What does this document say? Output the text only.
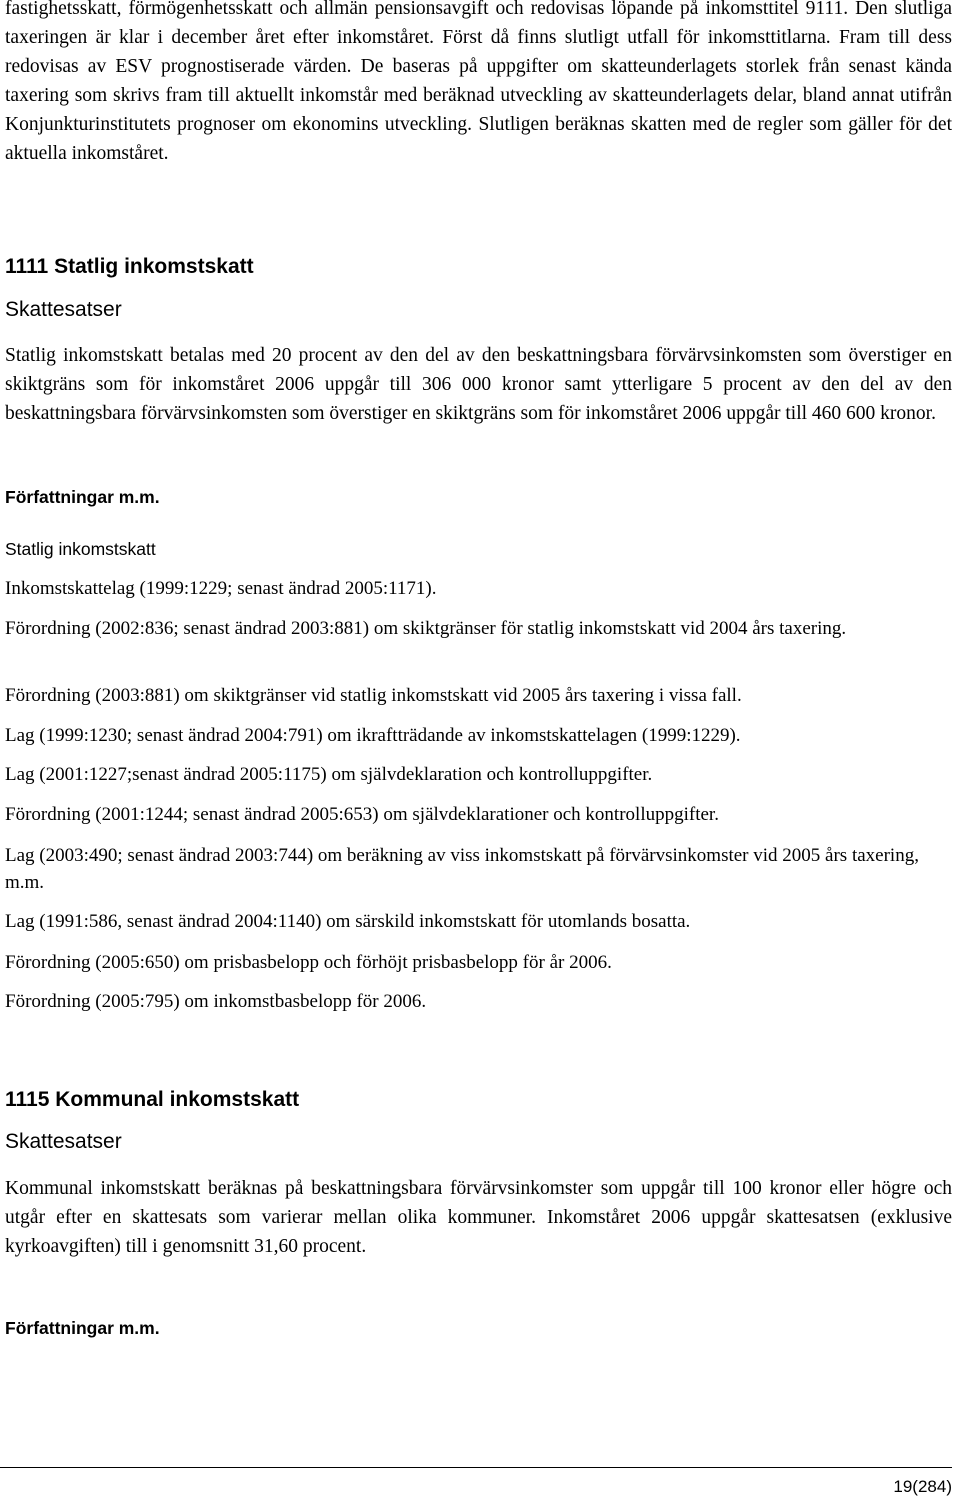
fastighetsskatt, förmögenhetsskatt och allmän pensionsavgift och redovisas löpande på inkomsttitel 9111. Den slutliga taxeringen är klar i december året efter inkomståret. Först då finns slutligt utfall för inkomsttitlarna. Fram till dess redovisas av ESV prognostiserade värden. De baseras på uppgifter om skatteunderlagets storlek från senast kända taxering som skrivs fram till aktuellt inkomstår med beräknad utveckling av skatteunderlagets delar, bland annat utifrån Konjunkturinstitutets prognoser om ekonomins utveckling. Slutligen beräknas skatten med de regler som gäller för det aktuella inkomståret.

1111 Statlig inkomstskatt
Skattesatser

Statlig inkomstskatt betalas med 20 procent av den del av den beskattningsbara förvärvsinkomsten som överstiger en skiktgräns som för inkomståret 2006 uppgår till 306 000 kronor samt ytterligare 5 procent av den del av den beskattningsbara förvärvsinkomsten som överstiger en skiktgräns som för inkomståret 2006 uppgår till 460 600 kronor.

Författningar m.m.
Statlig inkomstskatt

Inkomstskattelag (1999:1229; senast ändrad 2005:1171).

Förordning (2002:836; senast ändrad 2003:881) om skiktgränser för statlig inkomstskatt vid 2004 års taxering.

Förordning (2003:881) om skiktgränser vid statlig inkomstskatt vid 2005 års taxering i vissa fall.

Lag (1999:1230; senast ändrad 2004:791) om ikraftträdande av inkomstskattelagen (1999:1229).

Lag (2001:1227;senast ändrad 2005:1175) om självdeklaration och kontrolluppgifter.

Förordning (2001:1244; senast ändrad 2005:653) om självdeklarationer och kontrolluppgifter.

Lag (2003:490; senast ändrad 2003:744) om beräkning av viss inkomstskatt på förvärvsinkomster vid 2005 års taxering, m.m.

Lag (1991:586, senast ändrad 2004:1140) om särskild inkomstskatt för utomlands bosatta.

Förordning (2005:650) om prisbasbelopp och förhöjt prisbasbelopp för år 2006.

Förordning (2005:795) om inkomstbasbelopp för 2006.

1115 Kommunal inkomstskatt
Skattesatser

Kommunal inkomstskatt beräknas på beskattningsbara förvärvsinkomster som uppgår till 100 kronor eller högre och utgår efter en skattesats som varierar mellan olika kommuner. Inkomståret 2006 uppgår skattesatsen (exklusive kyrkoavgiften) till i genomsnitt 31,60 procent.

Författningar m.m.
19(284)
